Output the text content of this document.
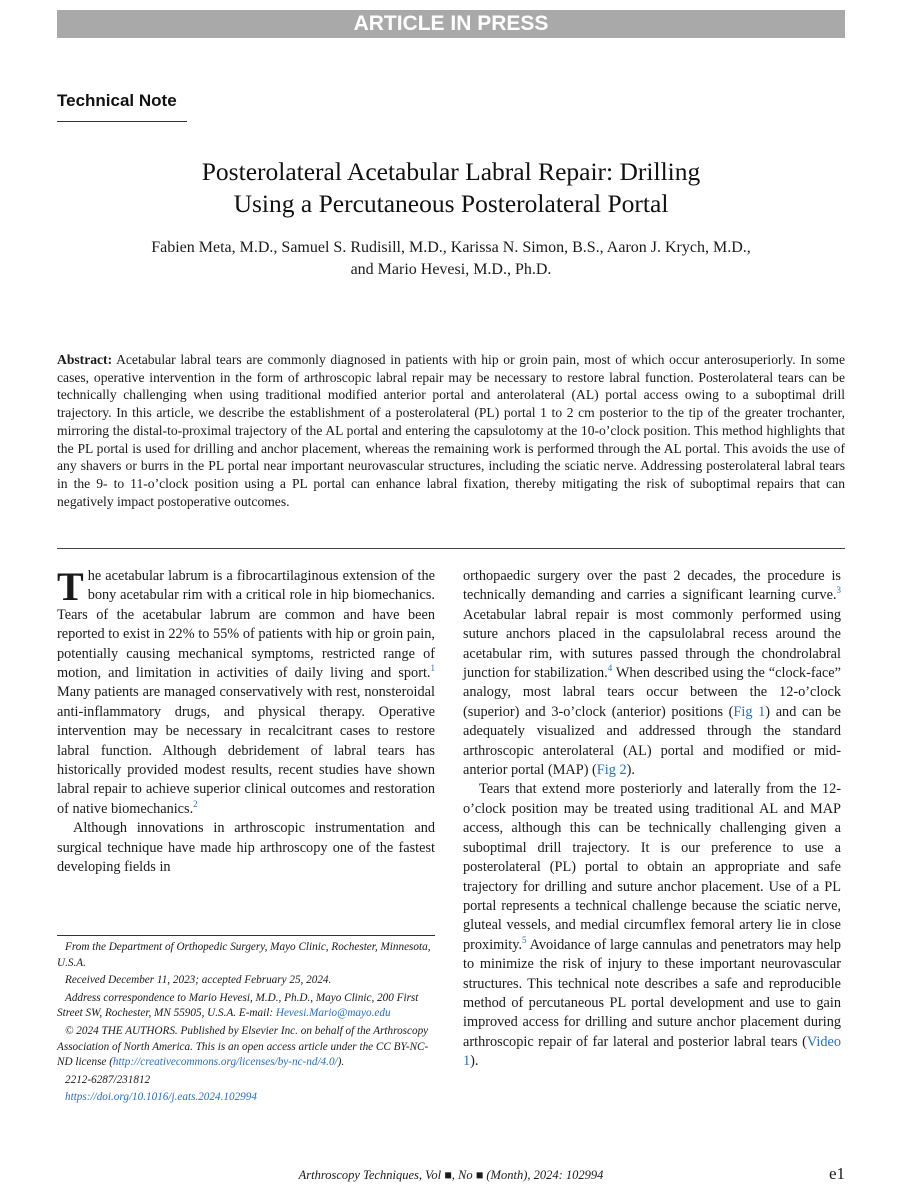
ARTICLE IN PRESS
Technical Note
Posterolateral Acetabular Labral Repair: Drilling
Using a Percutaneous Posterolateral Portal
Fabien Meta, M.D., Samuel S. Rudisill, M.D., Karissa N. Simon, B.S., Aaron J. Krych, M.D.,
and Mario Hevesi, M.D., Ph.D.
Abstract: Acetabular labral tears are commonly diagnosed in patients with hip or groin pain, most of which occur anterosuperiorly. In some cases, operative intervention in the form of arthroscopic labral repair may be necessary to restore labral function. Posterolateral tears can be technically challenging when using traditional modified anterior portal and anterolateral (AL) portal access owing to a suboptimal drill trajectory. In this article, we describe the establishment of a posterolateral (PL) portal 1 to 2 cm posterior to the tip of the greater trochanter, mirroring the distal-to-proximal trajectory of the AL portal and entering the capsulotomy at the 10-o’clock position. This method highlights that the PL portal is used for drilling and anchor placement, whereas the remaining work is performed through the AL portal. This avoids the use of any shavers or burrs in the PL portal near important neurovascular structures, including the sciatic nerve. Addressing posterolateral labral tears in the 9- to 11-o’clock position using a PL portal can enhance labral fixation, thereby mitigating the risk of suboptimal repairs that can negatively impact postoperative outcomes.

The acetabular labrum is a fibrocartilaginous extension of the bony acetabular rim with a critical role in hip biomechanics. Tears of the acetabular labrum are common and have been reported to exist in 22% to 55% of patients with hip or groin pain, potentially causing mechanical symptoms, restricted range of motion, and limitation in activities of daily living and sport.$^1$ Many patients are managed conservatively with rest, nonsteroidal anti-inflammatory drugs, and physical therapy. Operative intervention may be necessary in recalcitrant cases to restore labral function. Although debridement of labral tears has historically provided modest results, recent studies have shown labral repair to achieve superior clinical outcomes and restoration of native biomechanics.$^2$

Although innovations in arthroscopic instrumentation and surgical technique have made hip arthroscopy one of the fastest developing fields in

orthopaedic surgery over the past 2 decades, the procedure is technically demanding and carries a significant learning curve.$^3$ Acetabular labral repair is most commonly performed using suture anchors placed in the capsulolabral recess around the acetabular rim, with sutures passed through the chondrolabral junction for stabilization.$^4$ When described using the “clock-face” analogy, most labral tears occur between the 12-o’clock (superior) and 3-o’clock (anterior) positions (Fig 1) and can be adequately visualized and addressed through the standard arthroscopic anterolateral (AL) portal and modified or mid-anterior portal (MAP) (Fig 2).

Tears that extend more posteriorly and laterally from the 12-o’clock position may be treated using traditional AL and MAP access, although this can be technically challenging given a suboptimal drill trajectory. It is our preference to use a posterolateral (PL) portal to obtain an appropriate and safe trajectory for drilling and suture anchor placement. Use of a PL portal represents a technical challenge because the sciatic nerve, gluteal vessels, and medial circumflex femoral artery lie in close proximity.$^5$ Avoidance of large cannulas and penetrators may help to minimize the risk of injury to these important neurovascular structures. This technical note describes a safe and reproducible method of percutaneous PL portal development and use to gain improved access for drilling and suture anchor placement during arthroscopic repair of far lateral and posterior labral tears (Video 1).

From the Department of Orthopedic Surgery, Mayo Clinic, Rochester, Minnesota, U.S.A.

Received December 11, 2023; accepted February 25, 2024.

Address correspondence to Mario Hevesi, M.D., Ph.D., Mayo Clinic, 200 First Street SW, Rochester, MN 55905, U.S.A. E-mail: Hevesi.Mario@mayo.edu

© 2024 THE AUTHORS. Published by Elsevier Inc. on behalf of the Arthroscopy Association of North America. This is an open access article under the CC BY-NC-ND license (http://creativecommons.org/licenses/by-nc-nd/4.0/).

2212-6287/231812

https://doi.org/10.1016/j.eats.2024.102994

Arthroscopy Techniques, Vol ■, No ■ (Month), 2024: 102994	e1
